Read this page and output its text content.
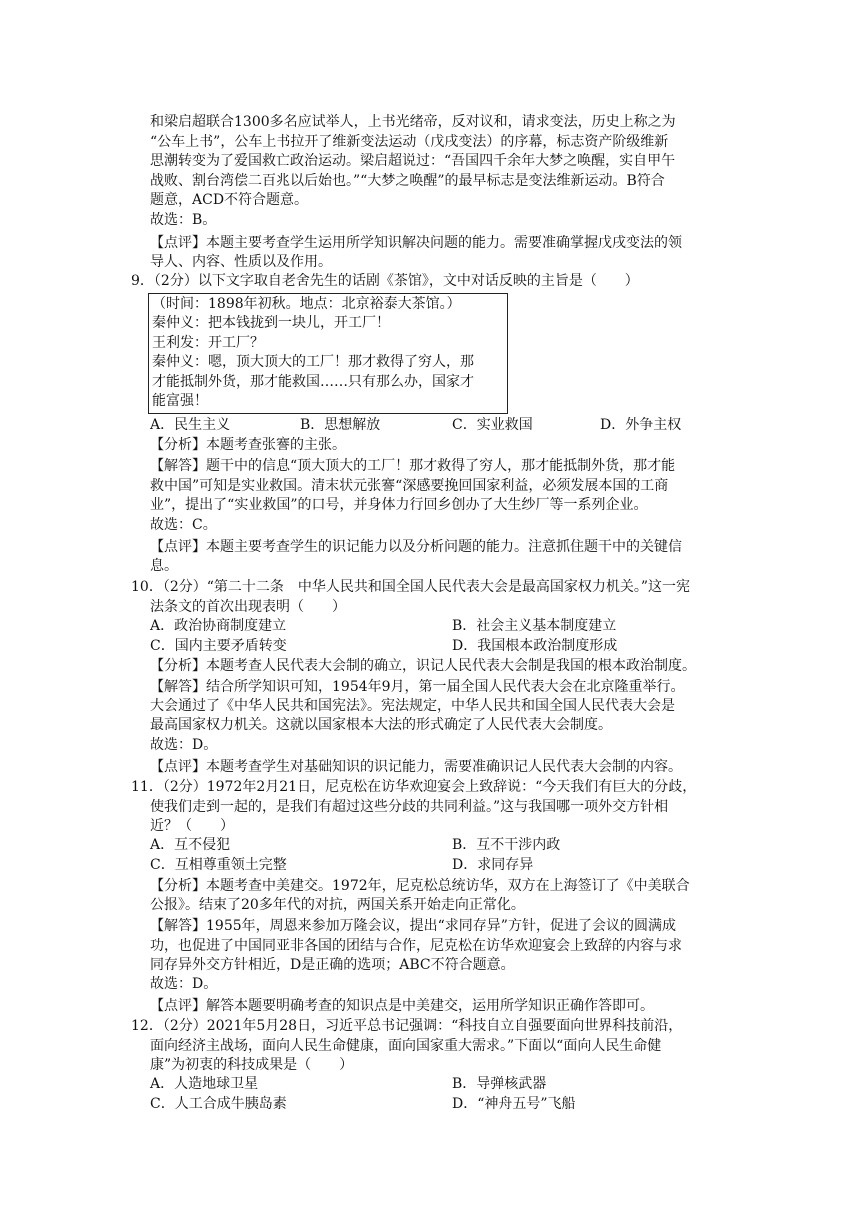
和梁启超联合1300多名应试举人，上书光绪帝，反对议和，请求变法，历史上称之为
“公车上书”，公车上书拉开了维新变法运动（戊戌变法）的序幕，标志资产阶级维新
思潮转变为了爱国救亡政治运动。梁启超说过：“吾国四千余年大梦之唤醒，实自甲午
战败、割台湾偿二百兆以后始也。”“大梦之唤醒”的最早标志是变法维新运动。B符合
题意，ACD不符合题意。
故选：B。
【点评】本题主要考查学生运用所学知识解决问题的能力。需要准确掌握戊戌变法的领
导人、内容、性质以及作用。
9．（2分）以下文字取自老舍先生的话剧《茶馆》，文中对话反映的主旨是（　　）
（时间：1898年初秋。地点：北京裕泰大茶馆。）
秦仲义：把本钱拢到一块儿，开工厂！
王利发：开工厂？
秦仲义：嗯，顶大顶大的工厂！那才救得了穷人，那
才能抵制外货，那才能救国……只有那么办，国家才
能富强！
A．民生主义	B．思想解放	C．实业救国	D．外争主权
【分析】本题考查张謇的主张。
【解答】题干中的信息“顶大顶大的工厂！那才救得了穷人，那才能抵制外货，那才能
救中国”可知是实业救国。清末状元张謇“深感要挽回国家利益，必须发展本国的工商
业”，提出了“实业救国”的口号，并身体力行回乡创办了大生纱厂等一系列企业。
故选：C。
【点评】本题主要考查学生的识记能力以及分析问题的能力。注意抓住题干中的关键信
息。
10．（2分）“第二十二条　中华人民共和国全国人民代表大会是最高国家权力机关。”这一宪
法条文的首次出现表明（　　）
A．政治协商制度建立	B．社会主义基本制度建立
C．国内主要矛盾转变	D．我国根本政治制度形成
【分析】本题考查人民代表大会制的确立，识记人民代表大会制是我国的根本政治制度。
【解答】结合所学知识可知，1954年9月，第一届全国人民代表大会在北京隆重举行。
大会通过了《中华人民共和国宪法》。宪法规定，中华人民共和国全国人民代表大会是
最高国家权力机关。这就以国家根本大法的形式确定了人民代表大会制度。
故选：D。
【点评】本题考查学生对基础知识的识记能力，需要准确识记人民代表大会制的内容。
11．（2分）1972年2月21日，尼克松在访华欢迎宴会上致辞说：“今天我们有巨大的分歧，
使我们走到一起的，是我们有超过这些分歧的共同利益。”这与我国哪一项外交方针相
近？（　　）
A．互不侵犯	B．互不干涉内政
C．互相尊重领土完整	D．求同存异
【分析】本题考查中美建交。1972年，尼克松总统访华，双方在上海签订了《中美联合
公报》。结束了20多年代的对抗，两国关系开始走向正常化。
【解答】1955年，周恩来参加万隆会议，提出“求同存异”方针，促进了会议的圆满成
功，也促进了中国同亚非各国的团结与合作，尼克松在访华欢迎宴会上致辞的内容与求
同存异外交方针相近，D是正确的选项；ABC不符合题意。
故选：D。
【点评】解答本题要明确考查的知识点是中美建交，运用所学知识正确作答即可。
12．（2分）2021年5月28日，习近平总书记强调：“科技自立自强要面向世界科技前沿，
面向经济主战场，面向人民生命健康，面向国家重大需求。”下面以“面向人民生命健
康”为初衷的科技成果是（　　）
A．人造地球卫星	B．导弹核武器
C．人工合成牛胰岛素	D．“神舟五号”飞船
